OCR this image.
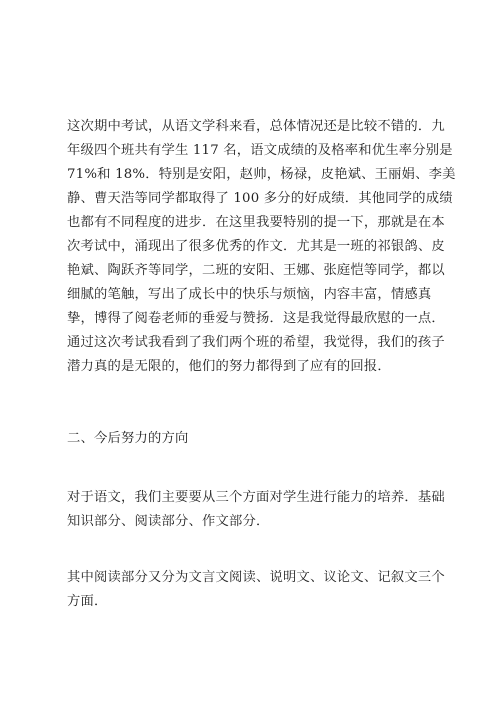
这次期中考试，从语文学科来看，总体情况还是比较不错的．九
年级四个班共有学生 117 名，语文成绩的及格率和优生率分别是
71%和 18%．特别是安阳，赵帅，杨禄，皮艳斌、王丽娟、李美
静、曹天浩等同学都取得了 100 多分的好成绩．其他同学的成绩
也都有不同程度的进步．在这里我要特别的提一下，那就是在本
次考试中，涌现出了很多优秀的作文．尤其是一班的祁银鸽、皮
艳斌、陶跃齐等同学，二班的安阳、王娜、张庭恺等同学，都以
细腻的笔触，写出了成长中的快乐与烦恼，内容丰富，情感真
挚，博得了阅卷老师的垂爱与赞扬．这是我觉得最欣慰的一点．
通过这次考试我看到了我们两个班的希望，我觉得，我们的孩子
潜力真的是无限的，他们的努力都得到了应有的回报．
二、今后努力的方向
对于语文，我们主要要从三个方面对学生进行能力的培养．基础
知识部分、阅读部分、作文部分．
其中阅读部分又分为文言文阅读、说明文、议论文、记叙文三个
方面．
